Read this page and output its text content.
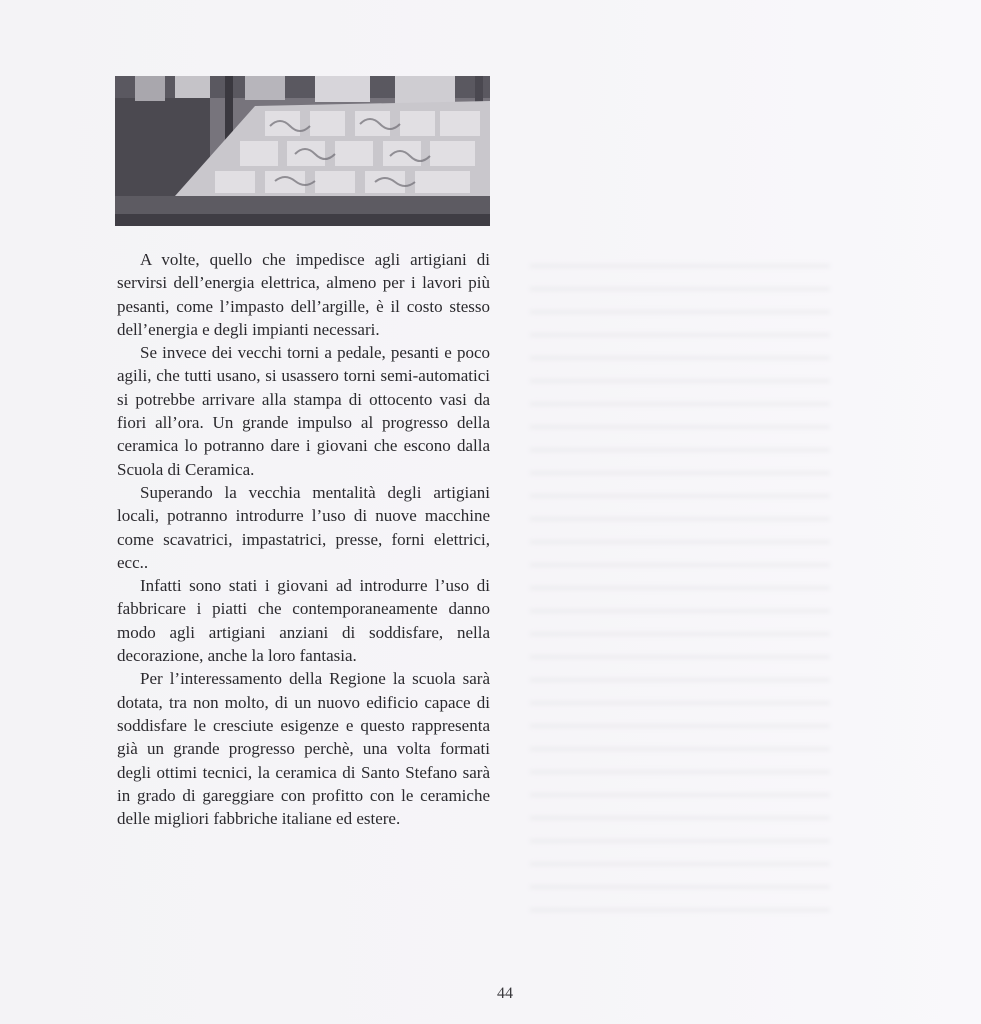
A volte, quello che impedisce agli artigiani di servirsi dell’energia elettrica, almeno per i lavori più pesanti, come l’impasto dell’argille, è il costo stesso dell’energia e degli impianti necessari.

Se invece dei vecchi torni a pedale, pesanti e poco agili, che tutti usano, si usassero torni semi-automatici si potrebbe arrivare alla stampa di ottocento vasi da fiori all’ora. Un grande impulso al progresso della ceramica lo potranno dare i giovani che escono dalla Scuola di Ceramica.

Superando la vecchia mentalità degli artigiani locali, potranno introdurre l’uso di nuove macchine come scavatrici, impastatrici, presse, forni elettrici, ecc..

Infatti sono stati i giovani ad introdurre l’uso di fabbricare i piatti che contemporaneamente danno modo agli artigiani anziani di soddisfare, nella decorazione, anche la loro fantasia.

Per l’interessamento della Regione la scuola sarà dotata, tra non molto, di un nuovo edificio capace di soddisfare le cresciute esigenze e questo rappresenta già un grande progresso perchè, una volta formati degli ottimi tecnici, la ceramica di Santo Stefano sarà in grado di gareggiare con profitto con le ceramiche delle migliori fabbriche italiane ed estere.

44
